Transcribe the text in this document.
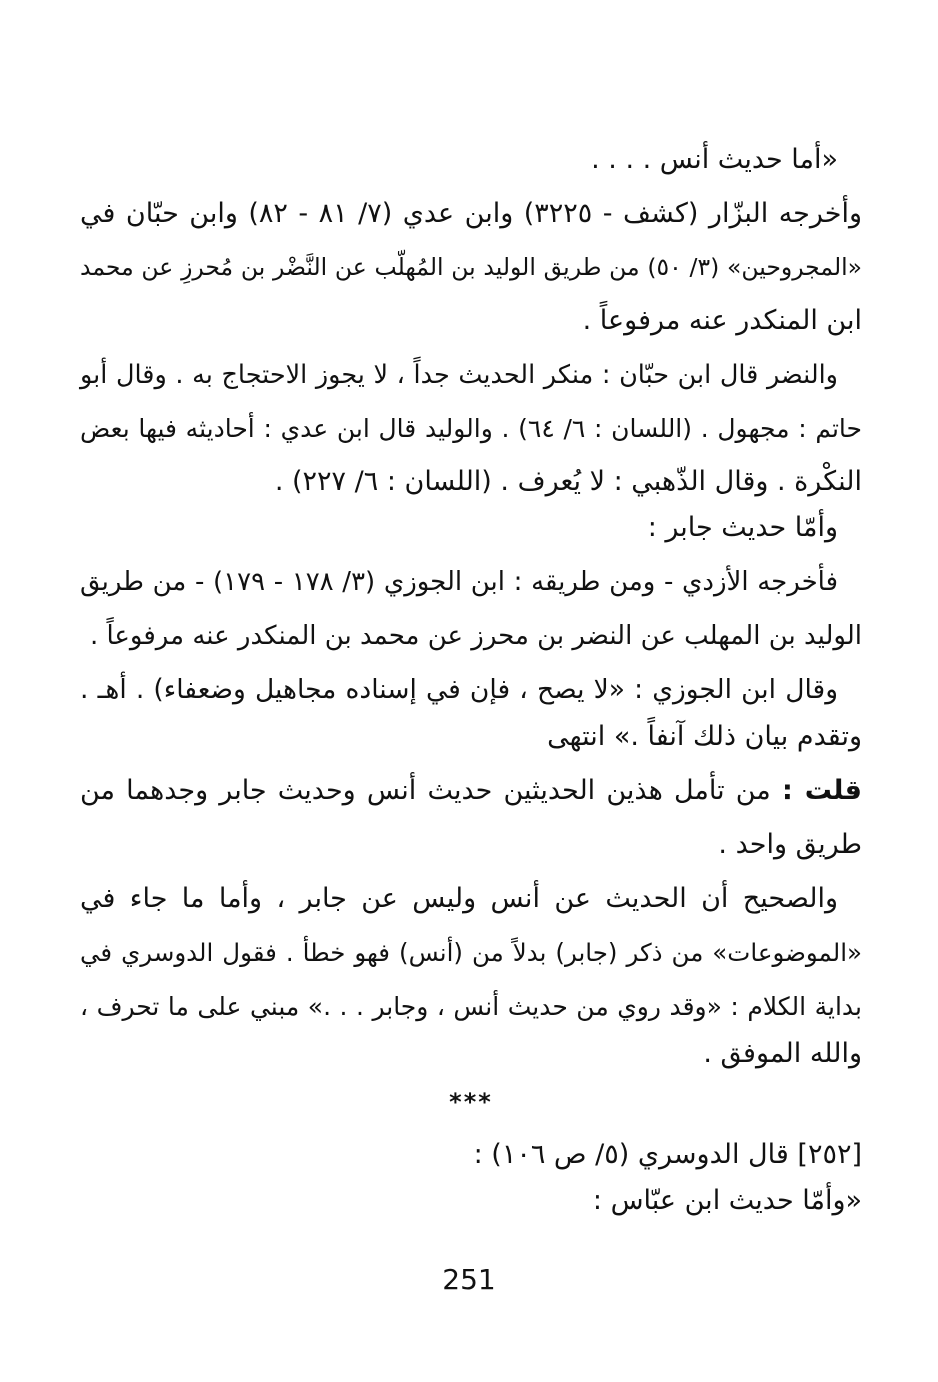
«أما حديث أنس . . . .
وأخرجه البزّار (كشف - ٣٢٢٥) وابن عدي (٧/ ٨١ - ٨٢) وابن حبّان في
«المجروحين» (٣/ ٥٠) من طريق الوليد بن المُهلّب عن النَّضْر بن مُحرزِ عن محمد
ابن المنكدر عنه مرفوعاً .
والنضر قال ابن حبّان : منكر الحديث جداً ، لا يجوز الاحتجاج به . وقال أبو
حاتم : مجهول . (اللسان : ٦/ ٦٤) . والوليد قال ابن عدي : أحاديثه فيها بعض
النكْرة . وقال الذّهبي : لا يُعرف . (اللسان : ٦/ ٢٢٧) .
وأمّا حديث جابر :
فأخرجه الأزدي - ومن طريقه : ابن الجوزي (٣/ ١٧٨ - ١٧٩) - من طريق
الوليد بن المهلب عن النضر بن محرز عن محمد بن المنكدر عنه مرفوعاً .
وقال ابن الجوزي : «لا يصح ، فإن في إسناده مجاهيل وضعفاء) . أهـ .
وتقدم بيان ذلك آنفاً .» انتهى
قلت : من تأمل هذين الحديثين حديث أنس وحديث جابر وجدهما من
طريق واحد .
والصحيح أن الحديث عن أنس وليس عن جابر ، وأما ما جاء في
«الموضوعات» من ذكر (جابر) بدلاً من (أنس) فهو خطأ . فقول الدوسري في
بداية الكلام : «وقد روي من حديث أنس ، وجابر . . .» مبني على ما تحرف ،
والله الموفق .
***
[٢٥٢] قال الدوسري (٥/ ص ١٠٦) :
«وأمّا حديث ابن عبّاس :
251
